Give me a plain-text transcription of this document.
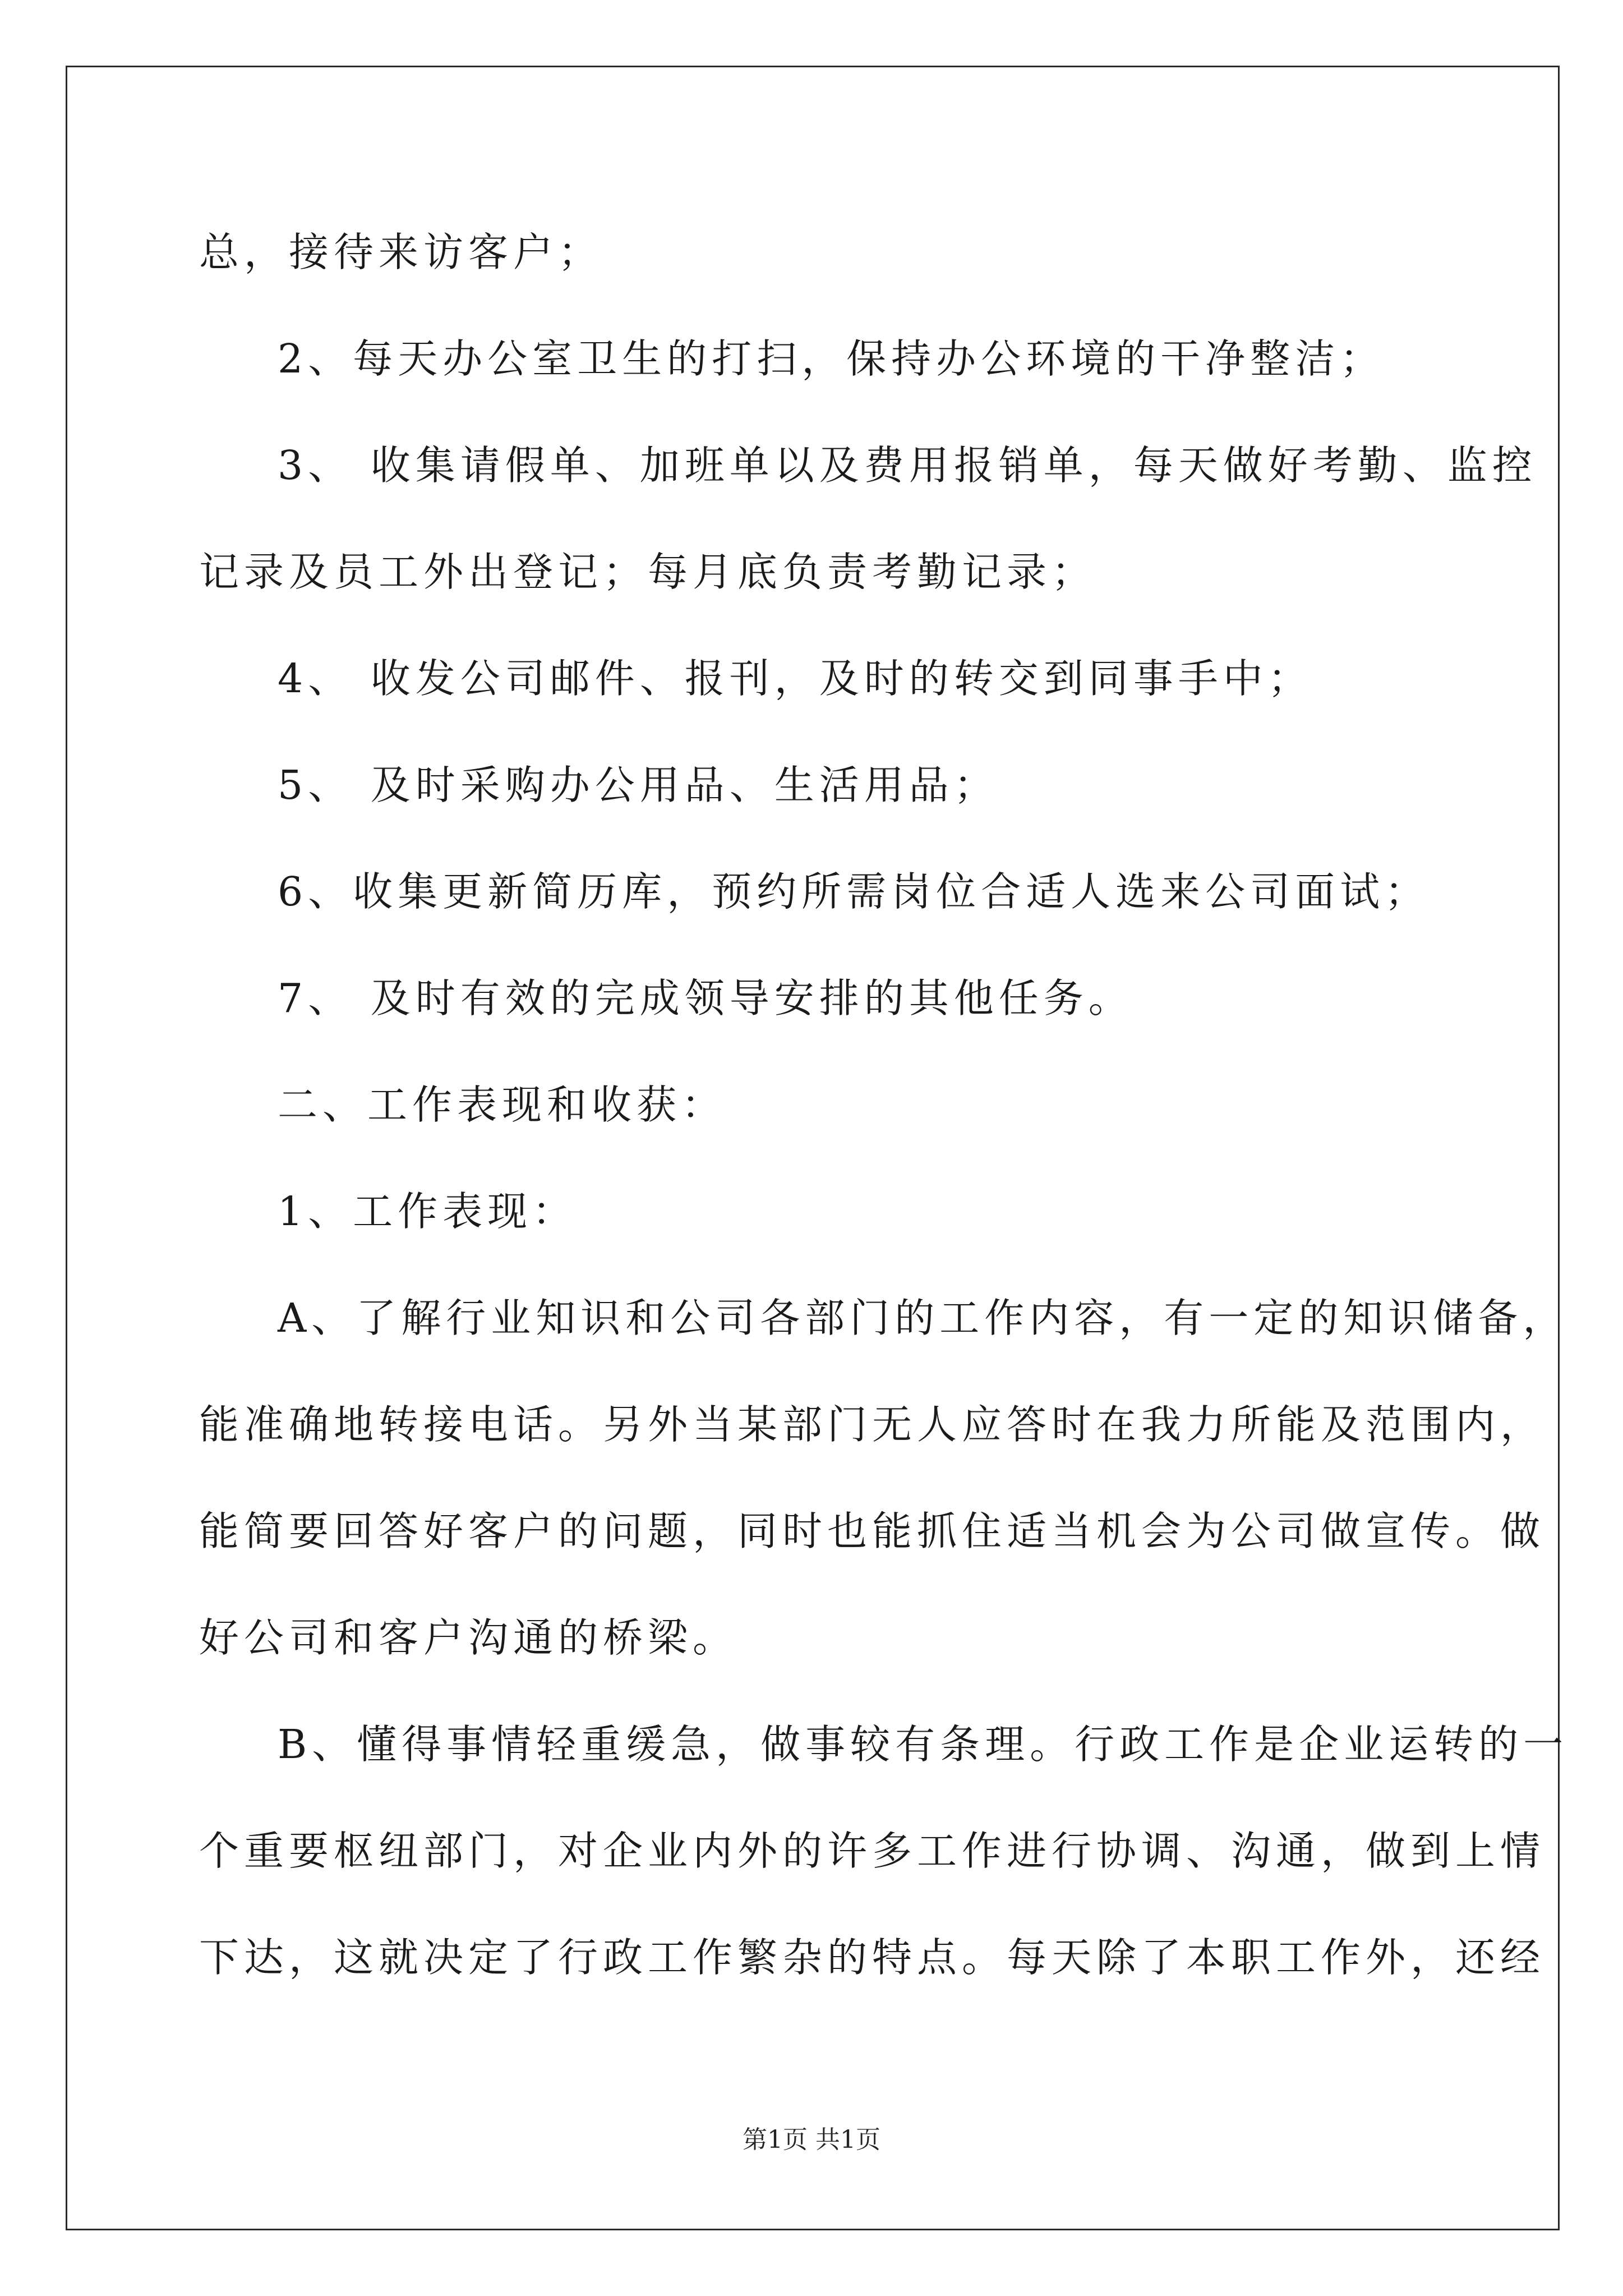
总，接待来访客户；
2、每天办公室卫生的打扫，保持办公环境的干净整洁；
3、 收集请假单、加班单以及费用报销单，每天做好考勤、监控
记录及员工外出登记；每月底负责考勤记录；
4、 收发公司邮件、报刊，及时的转交到同事手中；
5、 及时采购办公用品、生活用品；
6、收集更新简历库，预约所需岗位合适人选来公司面试；
7、 及时有效的完成领导安排的其他任务。
二、工作表现和收获：
1、工作表现：
A、了解行业知识和公司各部门的工作内容，有一定的知识储备，
能准确地转接电话。另外当某部门无人应答时在我力所能及范围内，
能简要回答好客户的问题，同时也能抓住适当机会为公司做宣传。做
好公司和客户沟通的桥梁。
B、懂得事情轻重缓急，做事较有条理。行政工作是企业运转的一
个重要枢纽部门，对企业内外的许多工作进行协调、沟通，做到上情
下达，这就决定了行政工作繁杂的特点。每天除了本职工作外，还经
第1页 共1页
